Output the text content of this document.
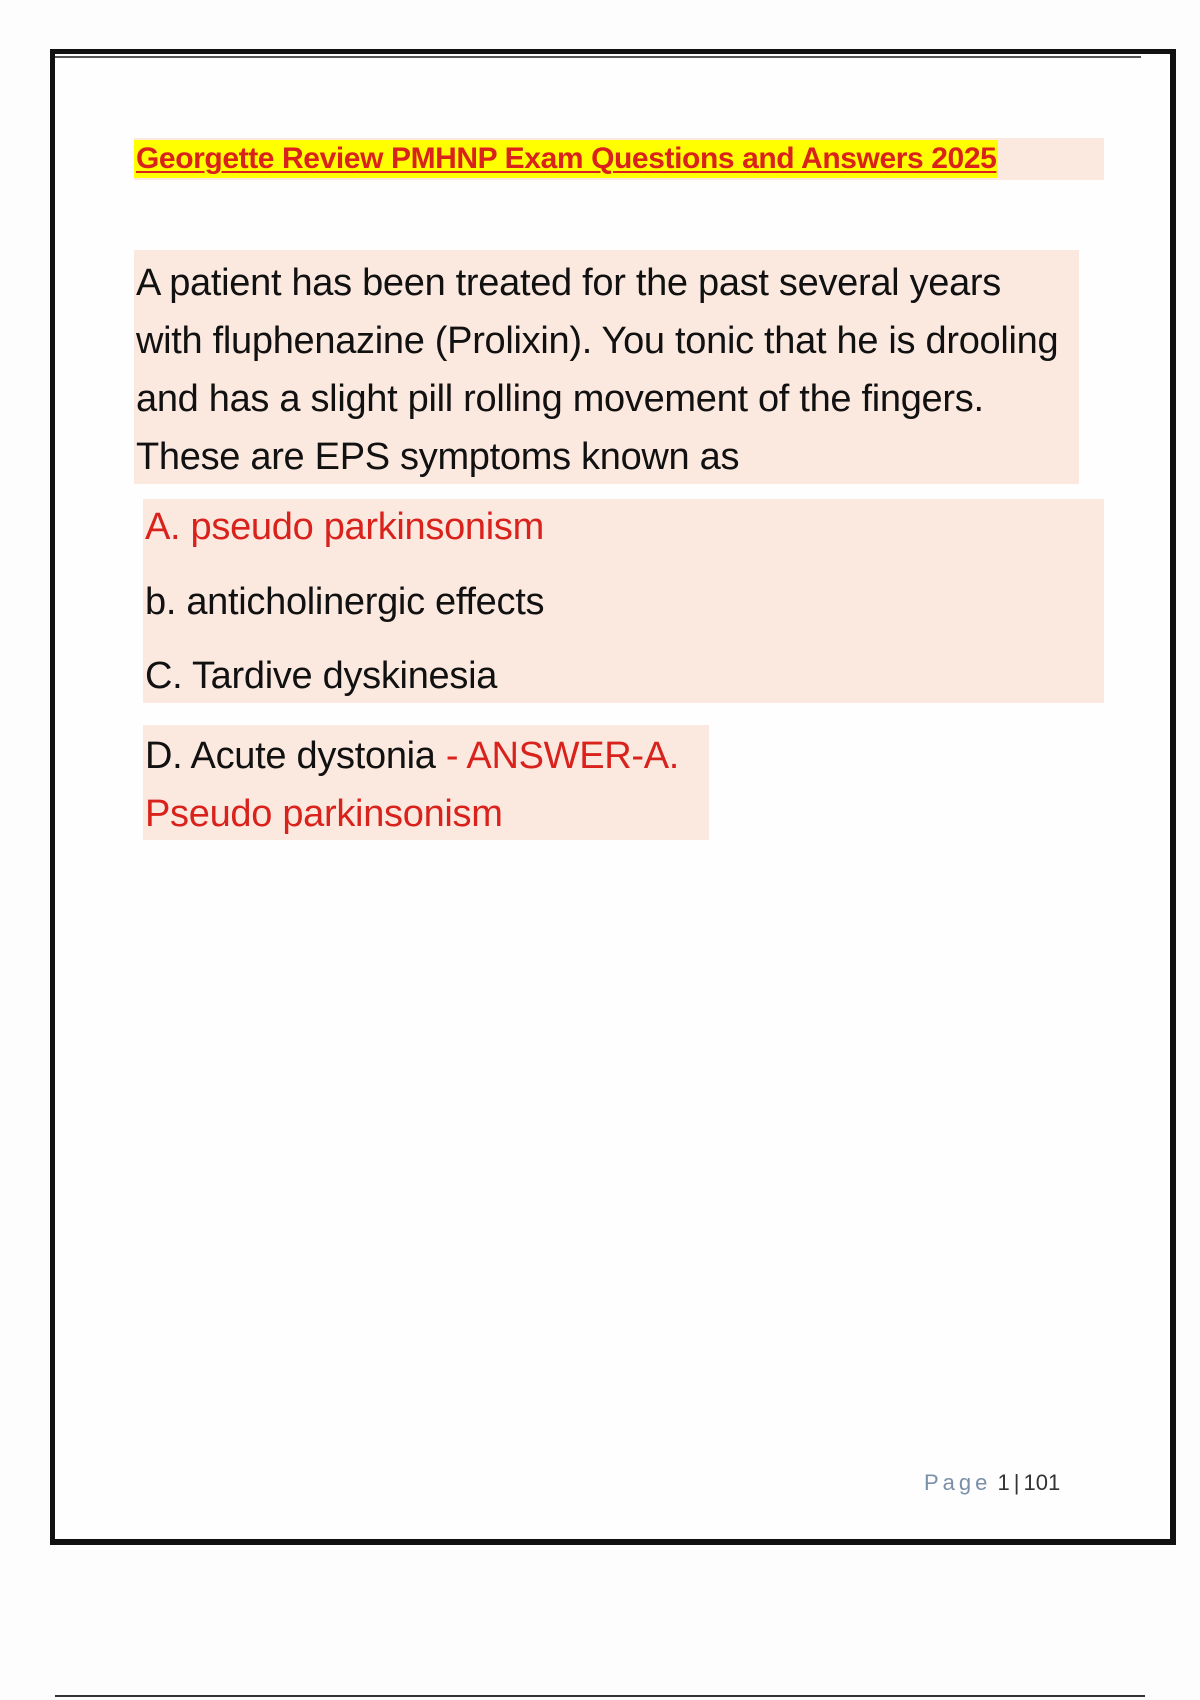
Georgette Review PMHNP Exam Questions and Answers 2025
A patient has been treated for the past several years with fluphenazine (Prolixin). You tonic that he is drooling and has a slight pill rolling movement of the fingers. These are EPS symptoms known as
A. pseudo parkinsonism
b. anticholinergic effects
C. Tardive dyskinesia
D. Acute dystonia - ANSWER-A. Pseudo parkinsonism
Page 1 | 101
